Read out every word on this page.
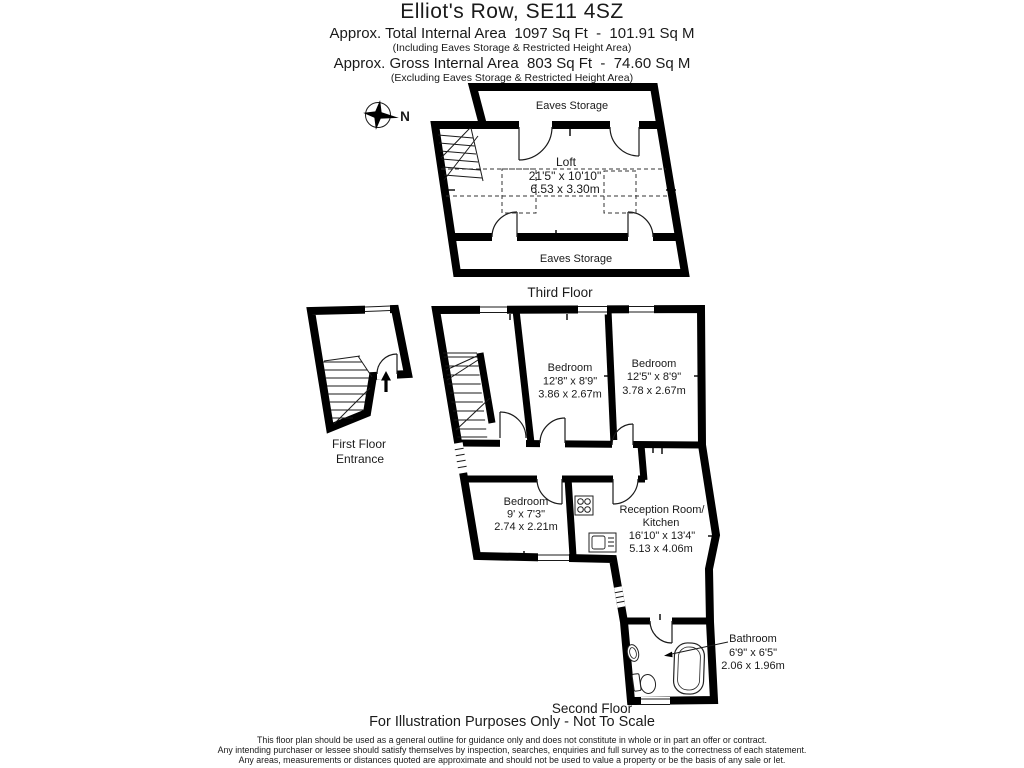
Elliot's Row, SE11 4SZ
Approx. Total Internal Area  1097 Sq Ft  -  101.91 Sq M
(Including Eaves Storage & Restricted Height Area)
Approx. Gross Internal Area  803 Sq Ft  -  74.60 Sq M
(Excluding Eaves Storage & Restricted Height Area)
N
Eaves Storage
Loft
21'5" x 10'10"
6.53 x 3.30m
Eaves Storage
Third Floor
First Floor
Entrance
Bedroom
12'8" x 8'9"
3.86 x 2.67m
Bedroom
12'5" x 8'9"
3.78 x 2.67m
Bedroom
9' x 7'3"
2.74 x 2.21m
Reception Room/
Kitchen
16'10" x 13'4"
5.13 x 4.06m
Bathroom
6'9" x 6'5"
2.06 x 1.96m
Second Floor
For Illustration Purposes Only - Not To Scale
This floor plan should be used as a general outline for guidance only and does not constitute in whole or in part an offer or contract.
Any intending purchaser or lessee should satisfy themselves by inspection, searches, enquiries and full survey as to the correctness of each statement.
Any areas, measurements or distances quoted are approximate and should not be used to value a property or be the basis of any sale or let.
